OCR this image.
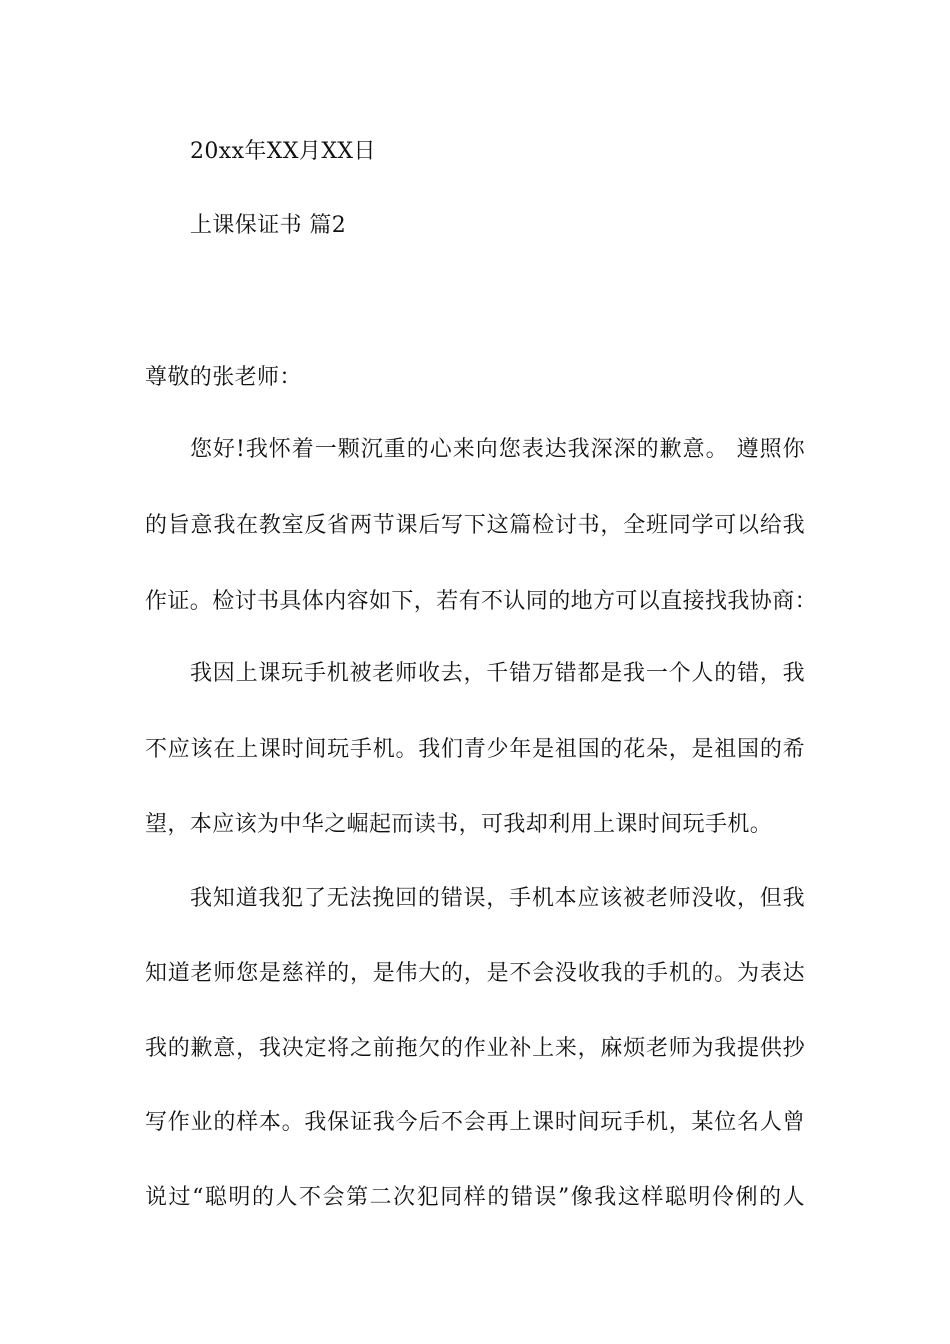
20xx年XX月XX日
上课保证书 篇2
尊敬的张老师：
您好!我怀着一颗沉重的心来向您表达我深深的歉意。 遵照你
的旨意我在教室反省两节课后写下这篇检讨书，全班同学可以给我
作证。检讨书具体内容如下，若有不认同的地方可以直接找我协商：
我因上课玩手机被老师收去，千错万错都是我一个人的错，我
不应该在上课时间玩手机。我们青少年是祖国的花朵，是祖国的希
望，本应该为中华之崛起而读书，可我却利用上课时间玩手机。
我知道我犯了无法挽回的错误，手机本应该被老师没收，但我
知道老师您是慈祥的，是伟大的，是不会没收我的手机的。为表达
我的歉意，我决定将之前拖欠的作业补上来，麻烦老师为我提供抄
写作业的样本。我保证我今后不会再上课时间玩手机，某位名人曾
说过“聪明的人不会第二次犯同样的错误”像我这样聪明伶俐的人
